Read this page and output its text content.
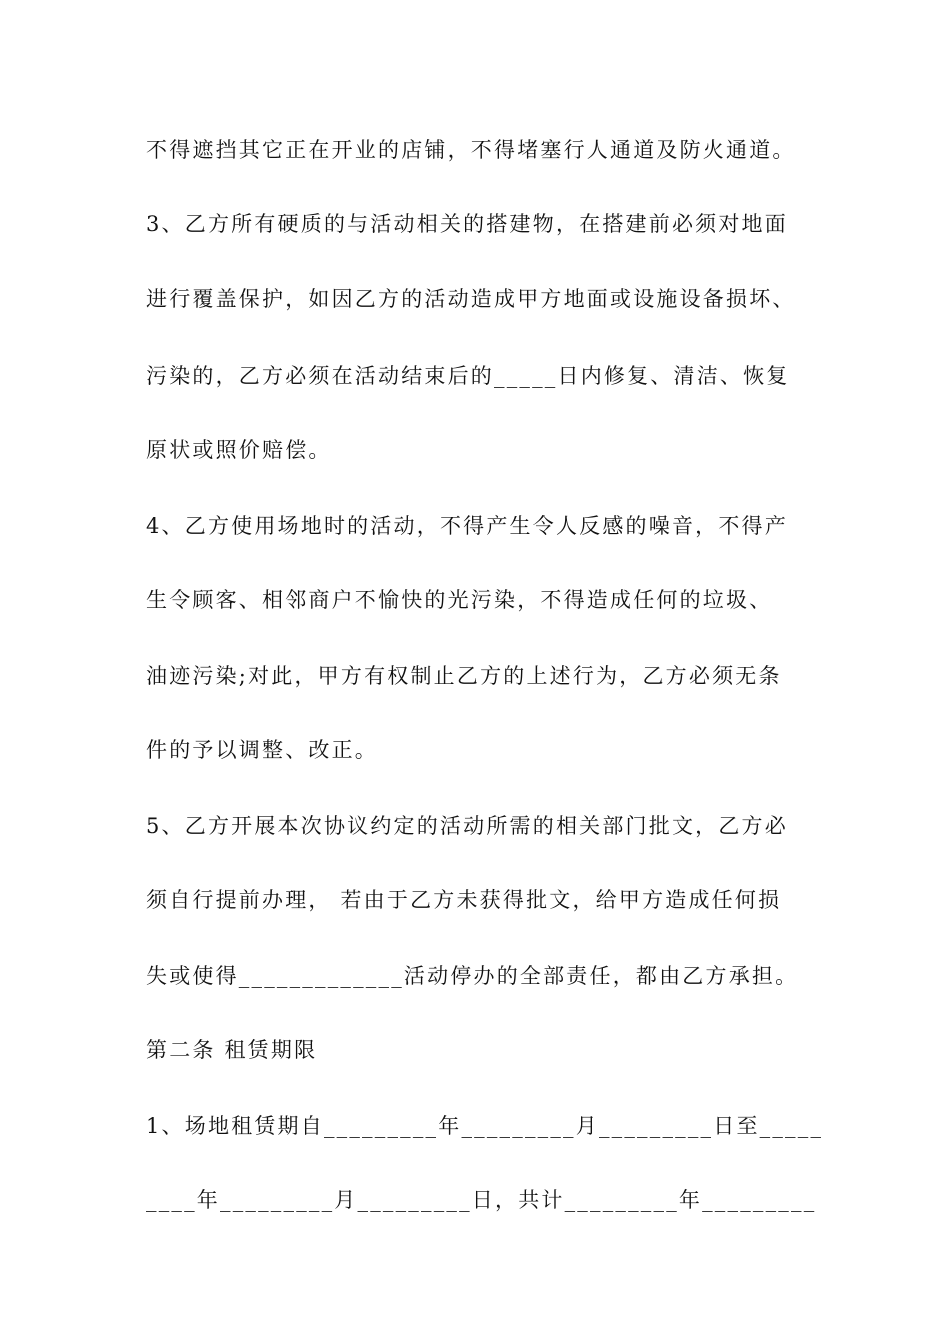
不得遮挡其它正在开业的店铺，不得堵塞行人通道及防火通道。
3、乙方所有硬质的与活动相关的搭建物，在搭建前必须对地面
进行覆盖保护，如因乙方的活动造成甲方地面或设施设备损坏、
污染的，乙方必须在活动结束后的_____日内修复、清洁、恢复
原状或照价赔偿。
4、乙方使用场地时的活动，不得产生令人反感的噪音，不得产
生令顾客、相邻商户不愉快的光污染，不得造成任何的垃圾、
油迹污染;对此，甲方有权制止乙方的上述行为，乙方必须无条
件的予以调整、改正。
5、乙方开展本次协议约定的活动所需的相关部门批文，乙方必
须自行提前办理， 若由于乙方未获得批文，给甲方造成任何损
失或使得_____________活动停办的全部责任，都由乙方承担。
第二条 租赁期限
1、场地租赁期自_________年_________月_________日至_____
____年_________月_________日，共计_________年_________
